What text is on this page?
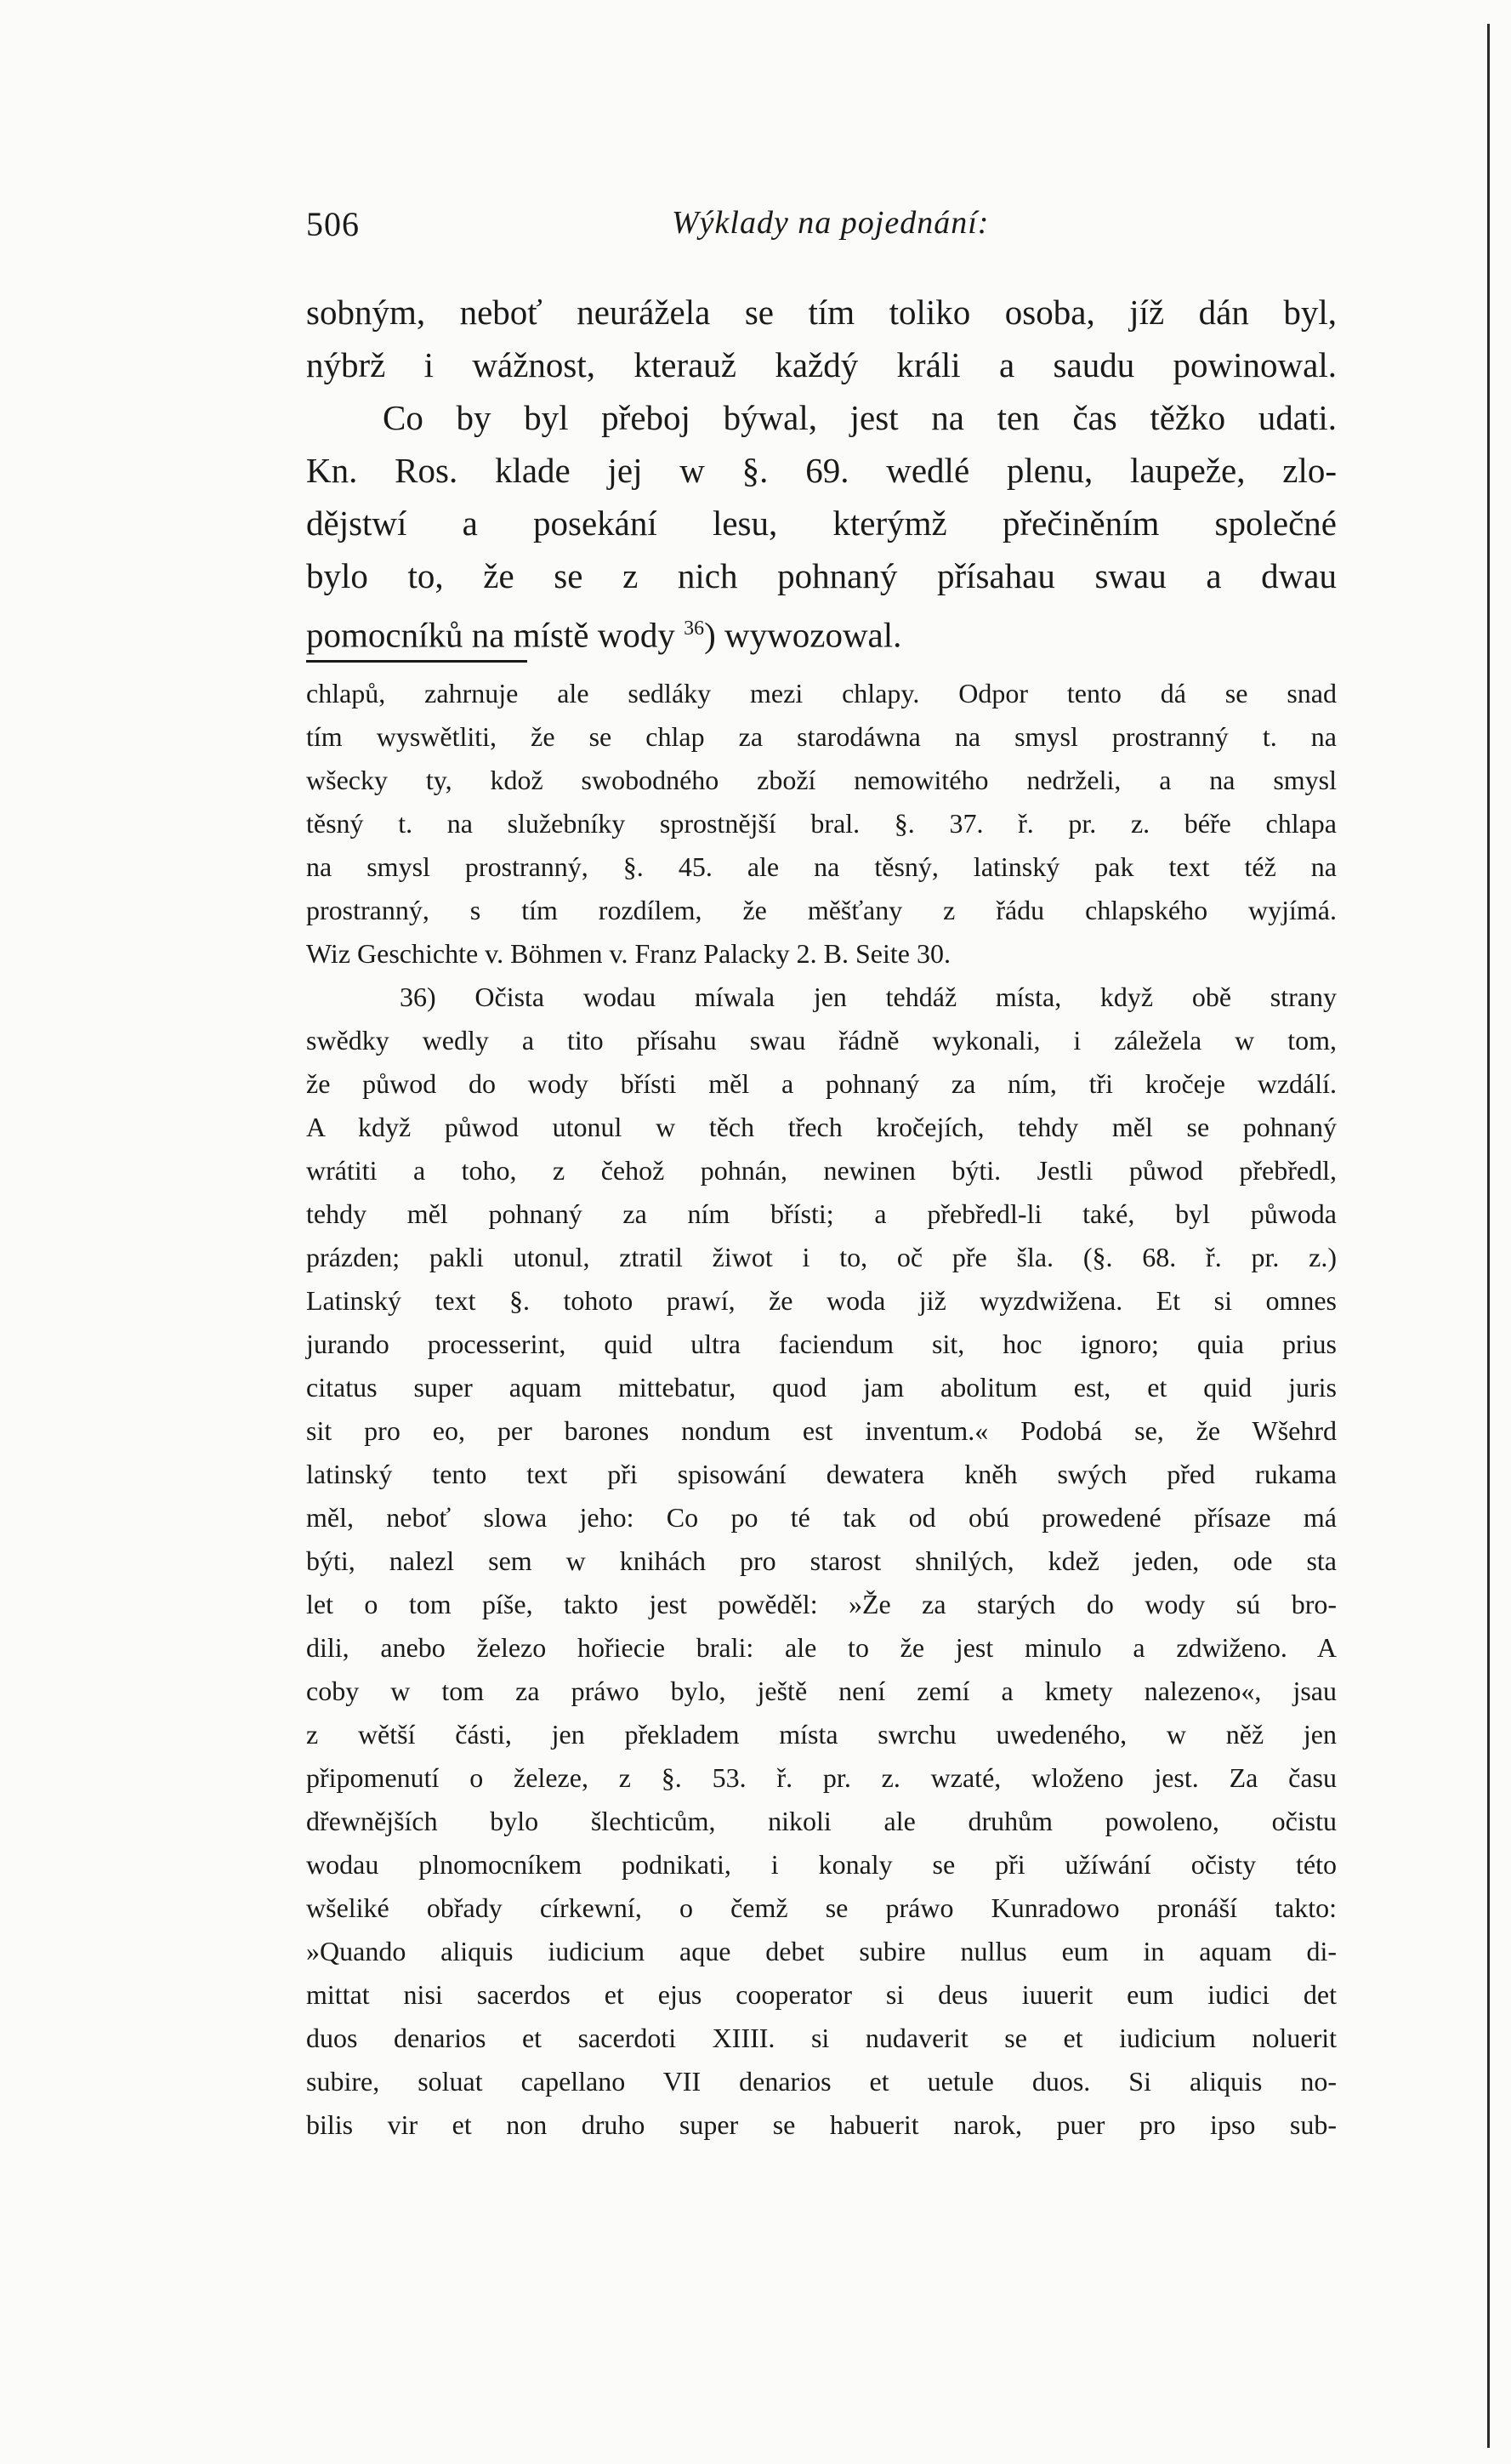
506	Wýklady na pojednání:
sobným, neboť neurážela se tím toliko osoba, jíž dán byl,
nýbrž i wážnost, kterauž každý králi a saudu powinowal.
Co by byl přeboj býwal, jest na ten čas těžko udati.
Kn. Ros. klade jej w §. 69. wedlé plenu, laupeže, zlo-
dějstwí a posekání lesu, kterýmž přečiněním společné
bylo to, že se z nich pohnaný přísahau swau a dwau
pomocníků na místě wody $^{36}$) wywozowal.
chlapů, zahrnuje ale sedláky mezi chlapy. Odpor tento dá se snad
tím wyswětliti, že se chlap za starodáwna na smysl prostranný t. na
wšecky ty, kdož swobodného zboží nemowitého nedrželi, a na smysl
těsný t. na služebníky sprostnější bral. §. 37. ř. pr. z. béře chlapa
na smysl prostranný, §. 45. ale na těsný, latinský pak text též na
prostranný, s tím rozdílem, že měšťany z řádu chlapského wyjímá.
Wiz Geschichte v. Böhmen v. Franz Palacky 2. B. Seite 30.
36) Očista wodau míwala jen tehdáž místa, když obě strany
swědky wedly a tito přísahu swau řádně wykonali, i záležela w tom,
že půwod do wody břísti měl a pohnaný za ním, tři kročeje wzdálí.
A když půwod utonul w těch třech kročejích, tehdy měl se pohnaný
wrátiti a toho, z čehož pohnán, newinen býti. Jestli půwod přebředl,
tehdy měl pohnaný za ním břísti; a přebředl-li také, byl půwoda
prázden; pakli utonul, ztratil žiwot i to, oč pře šla. (§. 68. ř. pr. z.)
Latinský text §. tohoto prawí, že woda již wyzdwižena. Et si omnes
jurando processerint, quid ultra faciendum sit, hoc ignoro; quia prius
citatus super aquam mittebatur, quod jam abolitum est, et quid juris
sit pro eo, per barones nondum est inventum.« Podobá se, že Wšehrd
latinský tento text při spisowání dewatera kněh swých před rukama
měl, neboť slowa jeho: Co po té tak od obú prowedené přísaze má
býti, nalezl sem w knihách pro starost shnilých, kdež jeden, ode sta
let o tom píše, takto jest powěděl: »Že za starých do wody sú bro-
dili, anebo železo hořiecie brali: ale to že jest minulo a zdwiženo. A
coby w tom za práwo bylo, ještě není zemí a kmety nalezeno«, jsau
z wětší části, jen překladem místa swrchu uwedeného, w něž jen
připomenutí o železe, z §. 53. ř. pr. z. wzaté, wloženo jest. Za času
dřewnějších bylo šlechticům, nikoli ale druhům powoleno, očistu
wodau plnomocníkem podnikati, i konaly se při užíwání očisty této
wšeliké obřady církewní, o čemž se práwo Kunradowo pronáší takto:
»Quando aliquis iudicium aque debet subire nullus eum in aquam di-
mittat nisi sacerdos et ejus cooperator si deus iuuerit eum iudici det
duos denarios et sacerdoti XIIII. si nudaverit se et iudicium noluerit
subire, soluat capellano VII denarios et uetule duos. Si aliquis no-
bilis vir et non druho super se habuerit narok, puer pro ipso sub-
